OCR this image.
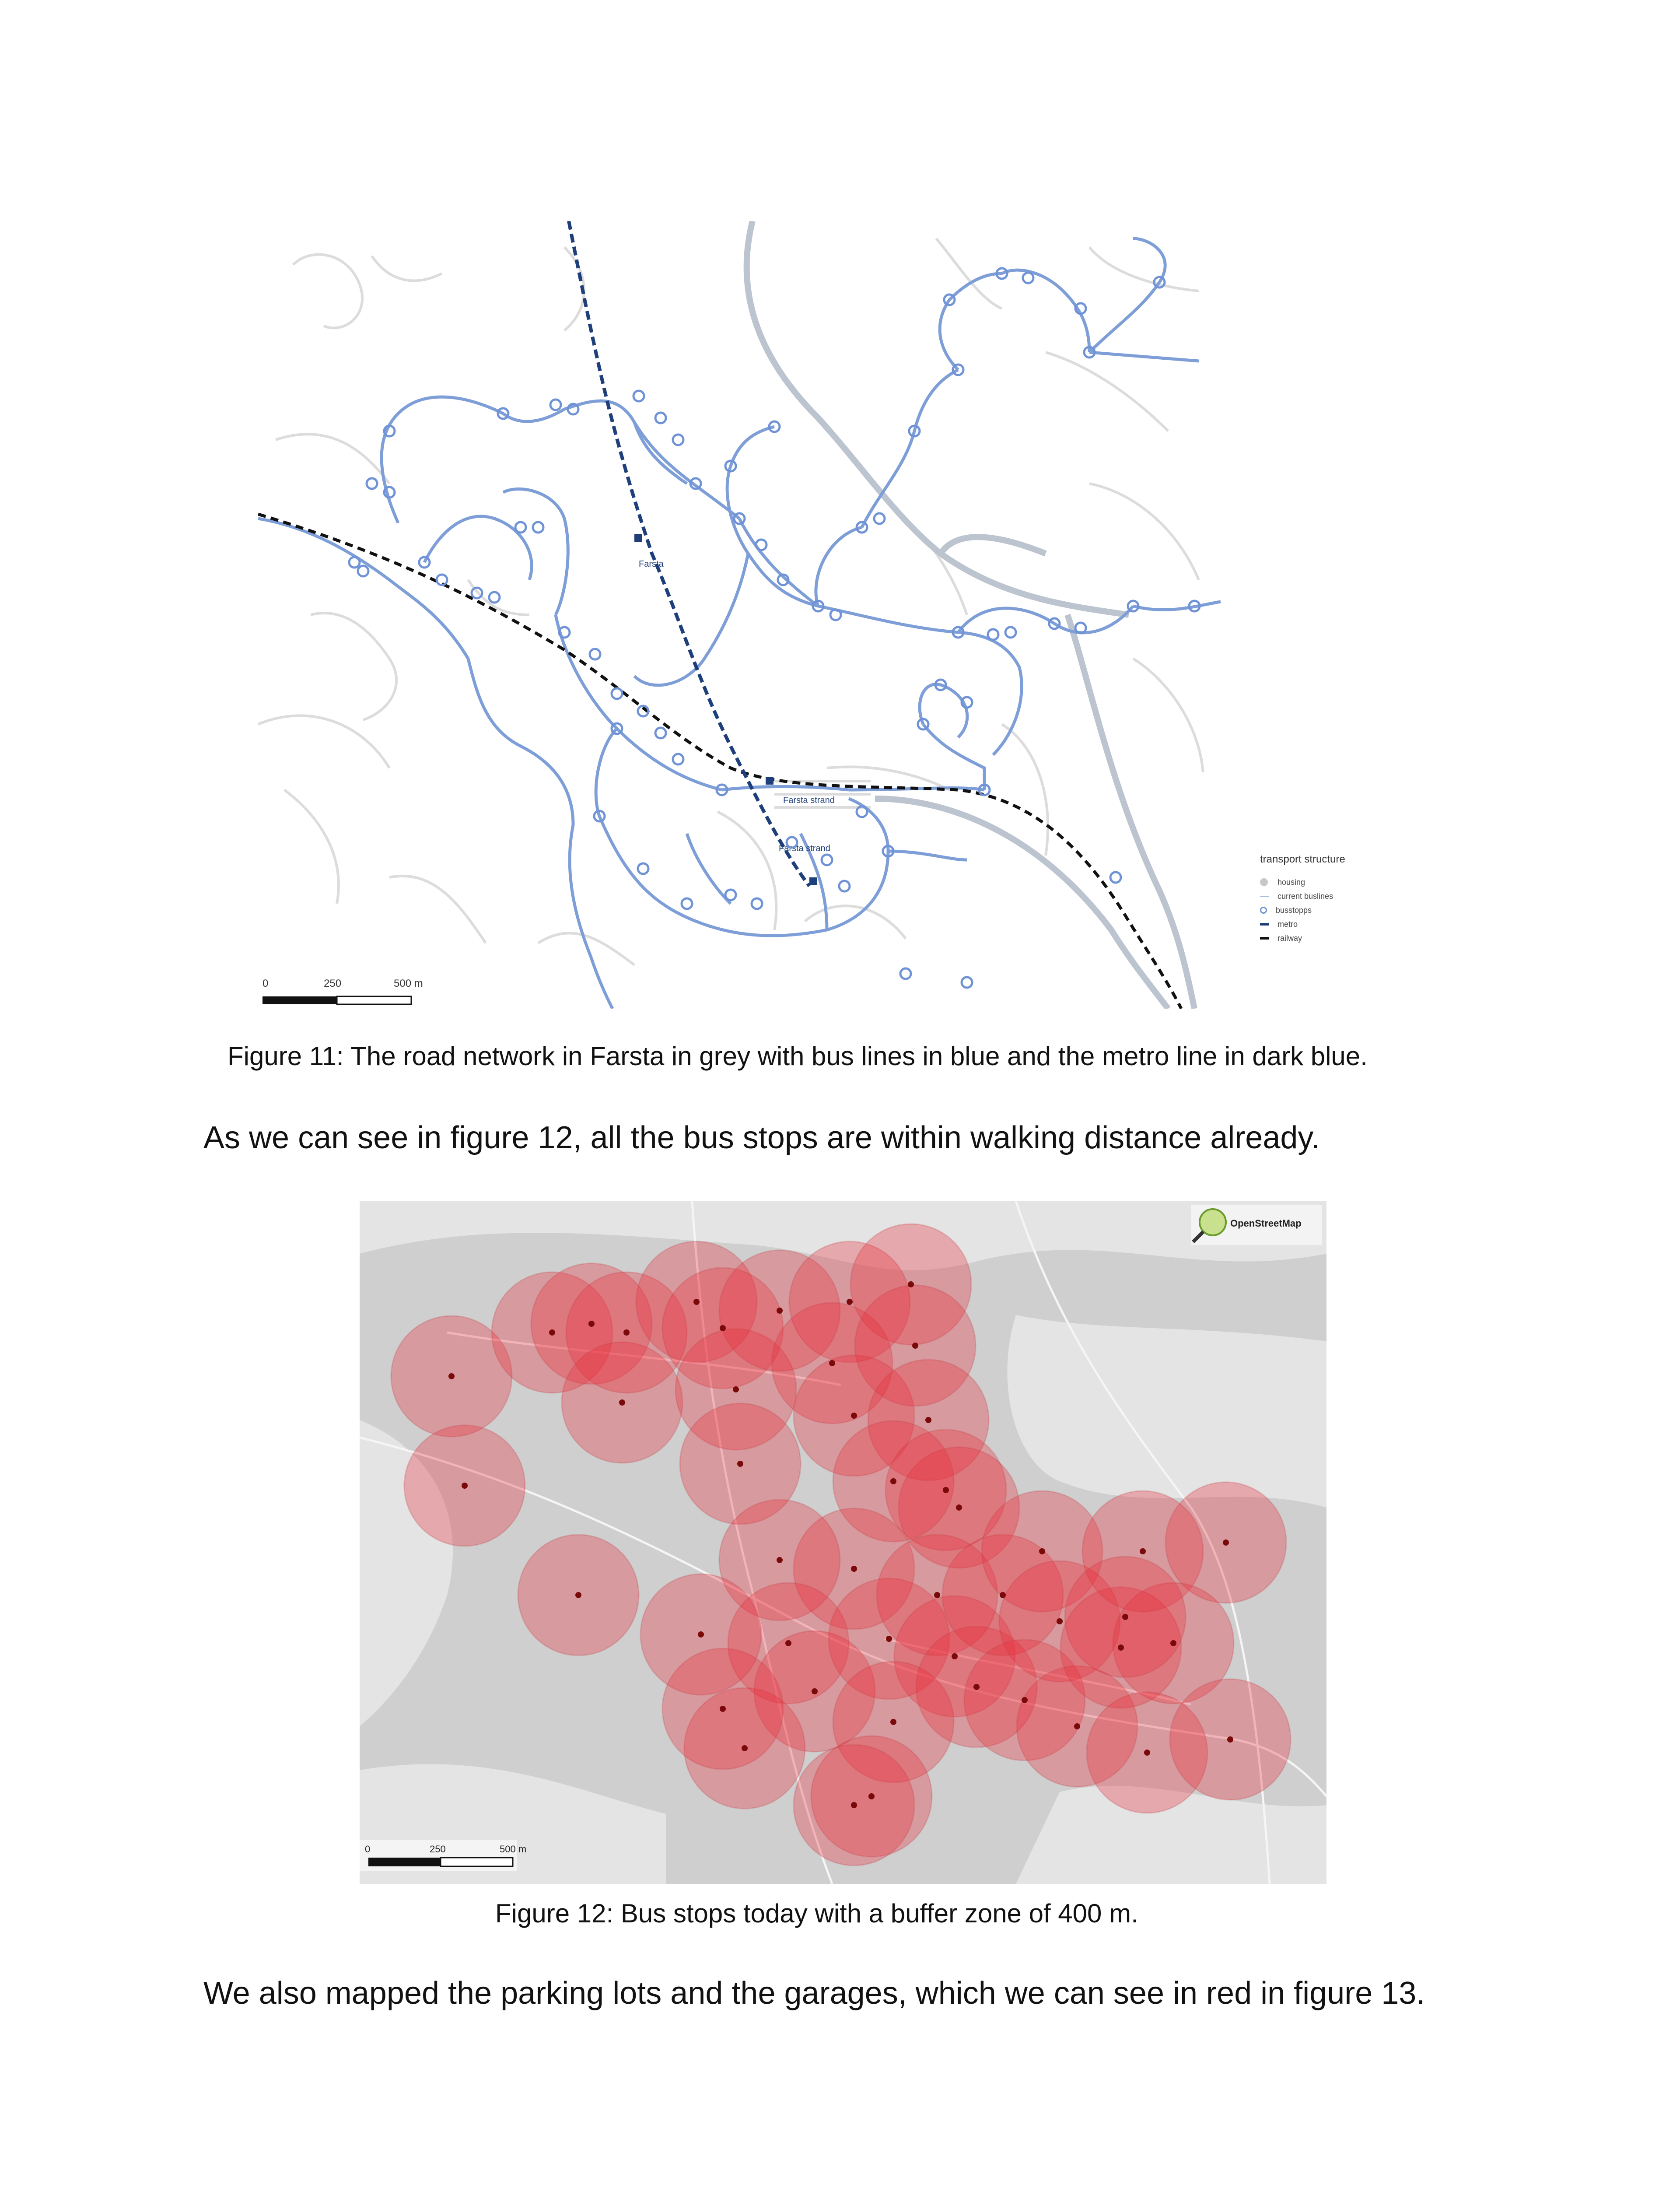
Farsta
Farsta strand
Farsta strand
0	250	500 m
transport structure
housing
current buslines
busstopps
metro
railway
Figure 11: The road network in Farsta in grey with bus lines in blue and the metro line in dark blue.
As we can see in figure 12, all the bus stops are within walking distance already.
OpenStreetMap
0	250	500 m
Figure 12: Bus stops today with a buffer zone of 400 m.
We also mapped the parking lots and the garages, which we can see in red in figure 13.
